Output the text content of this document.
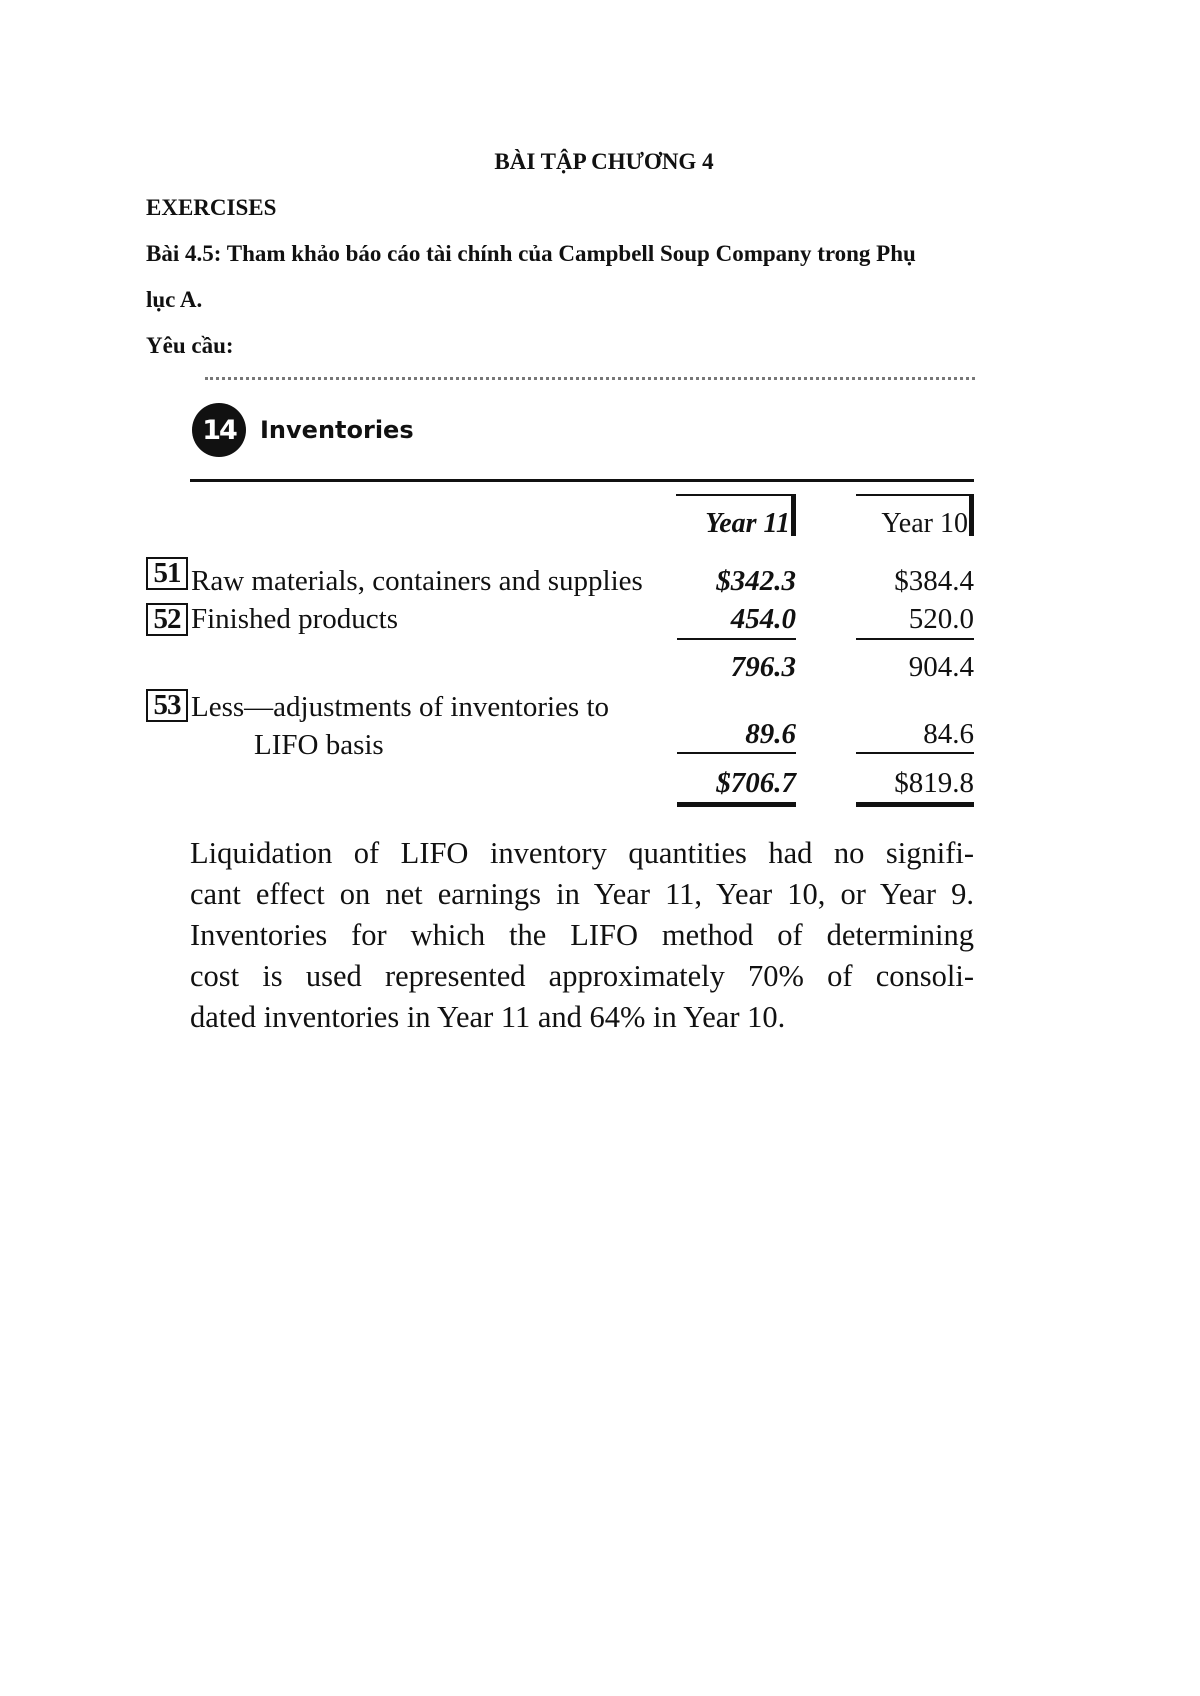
BÀI TẬP CHƯƠNG 4
EXERCISES
Bài 4.5: Tham khảo báo cáo tài chính của Campbell Soup Company trong Phụ
lục A.
Yêu cầu:
14	Inventories
Year 11	Year 10
51 Raw materials, containers and supplies	$342.3	$384.4
52 Finished products	454.0	520.0
796.3	904.4
53 Less—adjustments of inventories to
LIFO basis	89.6	84.6
$706.7	$819.8
Liquidation of LIFO inventory quantities had no signifi-
cant effect on net earnings in Year 11, Year 10, or Year 9.
Inventories for which the LIFO method of determining
cost is used represented approximately 70% of consoli-
dated inventories in Year 11 and 64% in Year 10.
